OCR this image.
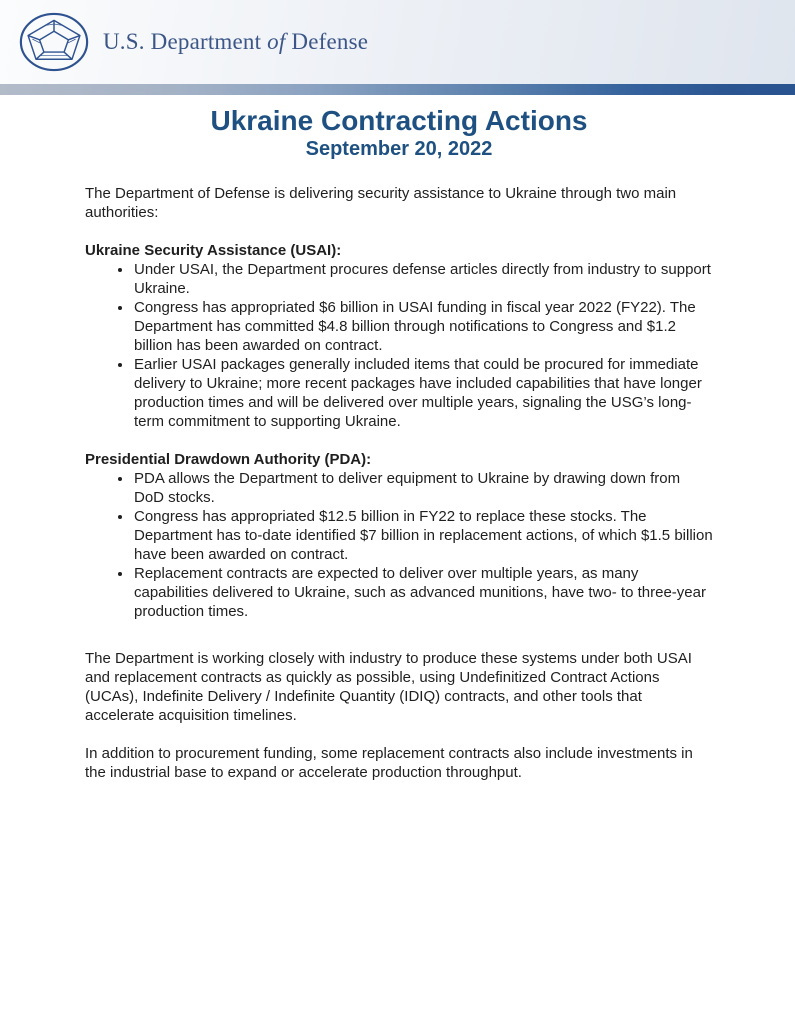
U.S. Department of Defense
Ukraine Contracting Actions
September 20, 2022

The Department of Defense is delivering security assistance to Ukraine through two main authorities:

Ukraine Security Assistance (USAI):

• Under USAI, the Department procures defense articles directly from industry to support Ukraine.
• Congress has appropriated $6 billion in USAI funding in fiscal year 2022 (FY22). The Department has committed $4.8 billion through notifications to Congress and $1.2 billion has been awarded on contract.
• Earlier USAI packages generally included items that could be procured for immediate delivery to Ukraine; more recent packages have included capabilities that have longer production times and will be delivered over multiple years, signaling the USG’s long-term commitment to supporting Ukraine.

Presidential Drawdown Authority (PDA):

• PDA allows the Department to deliver equipment to Ukraine by drawing down from DoD stocks.
• Congress has appropriated $12.5 billion in FY22 to replace these stocks. The Department has to-date identified $7 billion in replacement actions, of which $1.5 billion have been awarded on contract.
• Replacement contracts are expected to deliver over multiple years, as many capabilities delivered to Ukraine, such as advanced munitions, have two- to three-year production times.

The Department is working closely with industry to produce these systems under both USAI and replacement contracts as quickly as possible, using Undefinitized Contract Actions (UCAs), Indefinite Delivery / Indefinite Quantity (IDIQ) contracts, and other tools that accelerate acquisition timelines.

In addition to procurement funding, some replacement contracts also include investments in the industrial base to expand or accelerate production throughput.
